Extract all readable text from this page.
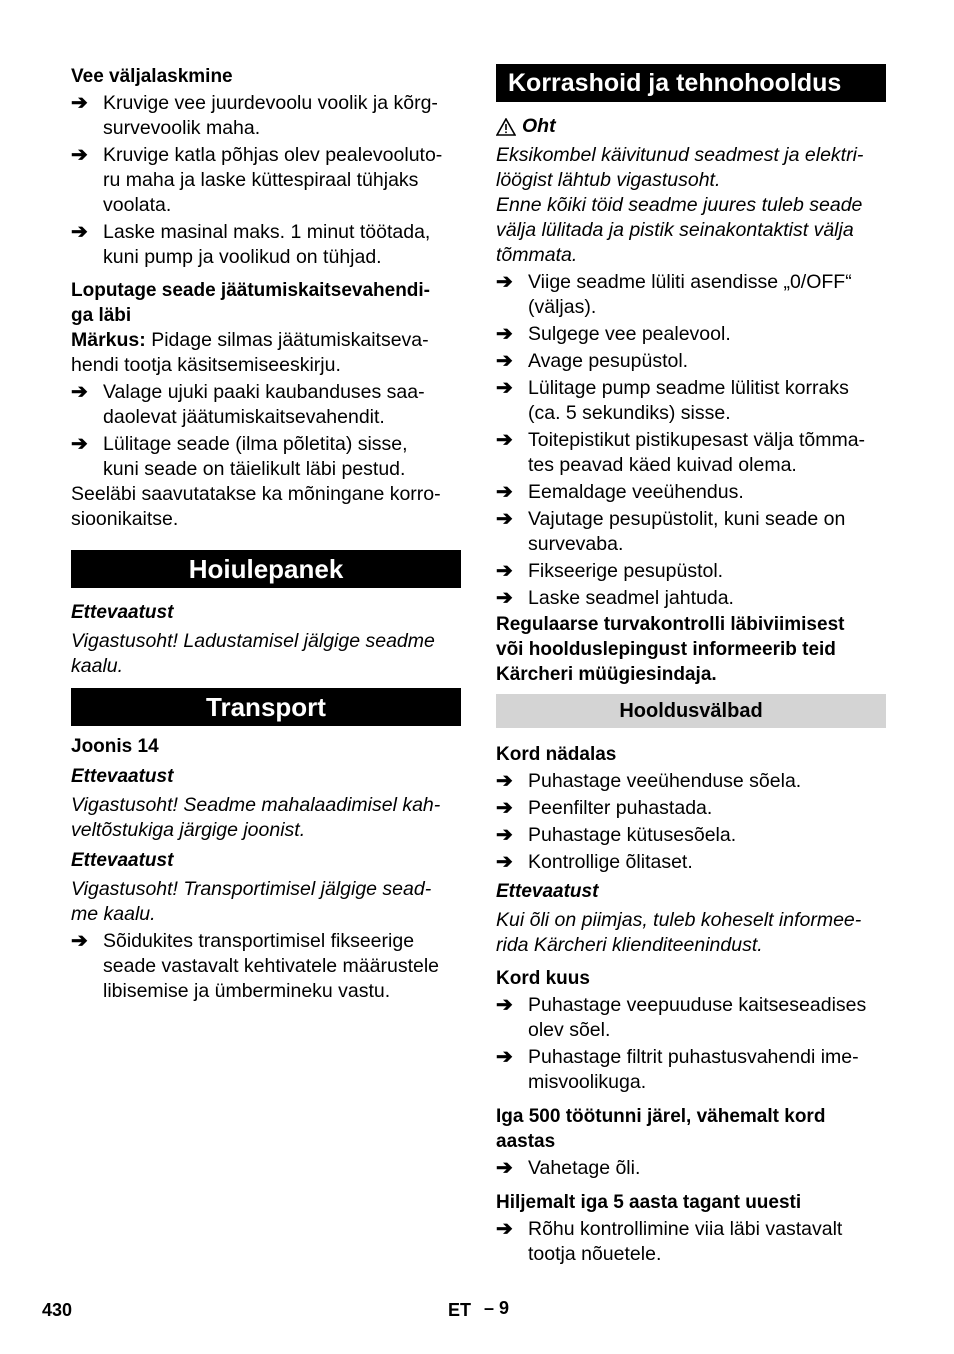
Vee väljalaskmine

➔ Kruvige vee juurdevoolu voolik ja kõrg-
survevoolik maha.
➔ Kruvige katla põhjas olev pealevooluto-
ru maha ja laske küttespiraal tühjaks
voolata.
➔ Laske masinal maks. 1 minut töötada,
kuni pump ja voolikud on tühjad.

Loputage seade jäätumiskaitsevahendi-
ga läbi

Märkus: Pidage silmas jäätumiskaitseva-
hendi tootja käsitsemiseeskirju.

➔ Valage ujuki paaki kaubanduses saa-
daolevat jäätumiskaitsevahendit.
➔ Lülitage seade (ilma põletita) sisse,
kuni seade on täielikult läbi pestud.

Seeläbi saavutatakse ka mõningane korro-
sioonikaitse.

Hoiulepanek

Ettevaatust

Vigastusoht! Ladustamisel jälgige seadme
kaalu.

Transport

Joonis 14

Ettevaatust

Vigastusoht! Seadme mahalaadimisel kah-
veltõstukiga järgige joonist.

Ettevaatust

Vigastusoht! Transportimisel jälgige sead-
me kaalu.

➔ Sõidukites transportimisel fikseerige
seade vastavalt kehtivatele määrustele
libisemise ja ümbermineku vastu.

Korrashoid ja tehnohooldus

Oht

Eksikombel käivitunud seadmest ja elektri-
löögist lähtub vigastusoht.
Enne kõiki töid seadme juures tuleb seade
välja lülitada ja pistik seinakontaktist välja
tõmmata.

➔ Viige seadme lüliti asendisse „0/OFF“
(väljas).
➔ Sulgege vee pealevool.
➔ Avage pesupüstol.
➔ Lülitage pump seadme lülitist korraks
(ca. 5 sekundiks) sisse.
➔ Toitepistikut pistikupesast välja tõmma-
tes peavad käed kuivad olema.
➔ Eemaldage veeühendus.
➔ Vajutage pesupüstolit, kuni seade on
survevaba.
➔ Fikseerige pesupüstol.
➔ Laske seadmel jahtuda.

Regulaarse turvakontrolli läbiviimisest
või hoolduslepingust informeerib teid
Kärcheri müügiesindaja.

Hooldusvälbad

Kord nädalas

➔ Puhastage veeühenduse sõela.
➔ Peenfilter puhastada.
➔ Puhastage kütusesõela.
➔ Kontrollige õlitaset.

Ettevaatust

Kui õli on piimjas, tuleb koheselt informee-
rida Kärcheri klienditeenindust.

Kord kuus

➔ Puhastage veepuuduse kaitseseadises
olev sõel.
➔ Puhastage filtrit puhastusvahendi ime-
misvoolikuga.

Iga 500 töötunni järel, vähemalt kord
aastas

➔ Vahetage õli.

Hiljemalt iga 5 aasta tagant uuesti

➔ Rõhu kontrollimine viia läbi vastavalt
tootja nõuetele.
430	ET – 9
